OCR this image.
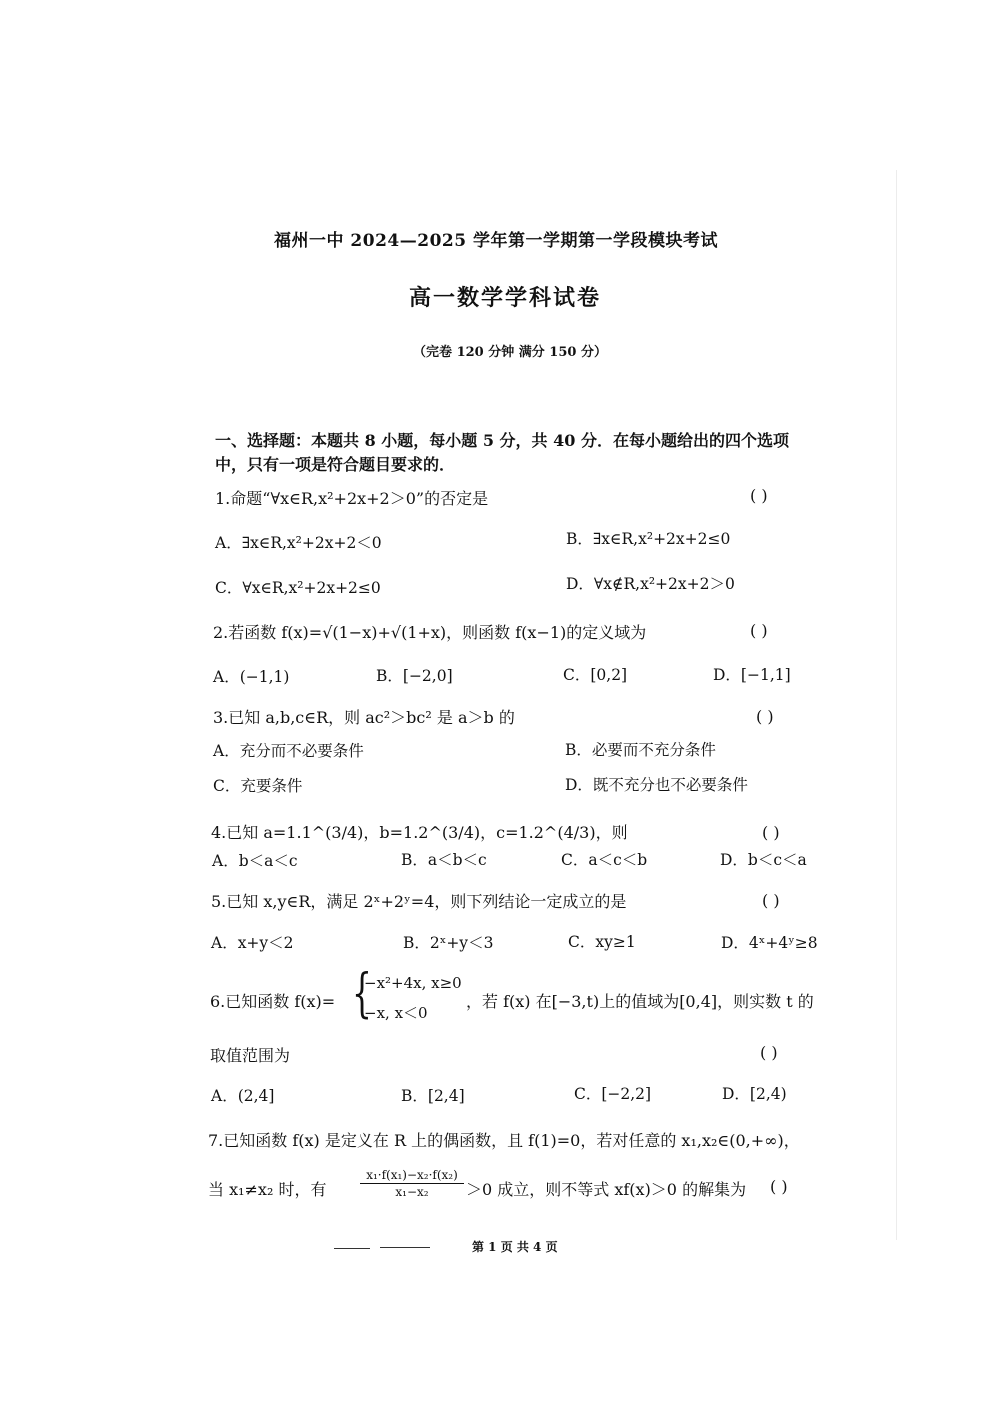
福州一中 2024—2025 学年第一学期第一学段模块考试
高一数学学科试卷
（完卷 120 分钟 满分 150 分）
一、选择题：本题共 8 小题，每小题 5 分，共 40 分．在每小题给出的四个选项
中，只有一项是符合题目要求的．
1.命题“∀x∈R,x²+2x+2＞0”的否定是	( )
A．∃x∈R,x²+2x+2＜0	B．∃x∈R,x²+2x+2≤0
C．∀x∈R,x²+2x+2≤0	D．∀x∉R,x²+2x+2＞0
2.若函数 f(x)=√(1−x)+√(1+x)，则函数 f(x−1)的定义域为	( )
A．(−1,1)	B．[−2,0]	C．[0,2]	D．[−1,1]
3.已知 a,b,c∈R，则 ac²＞bc² 是 a＞b 的	( )
A．充分而不必要条件	B．必要而不充分条件
C．充要条件	D．既不充分也不必要条件
4.已知 a=1.1^(3/4)，b=1.2^(3/4)，c=1.2^(4/3)，则	( )
A．b＜a＜c	B．a＜b＜c	C．a＜c＜b	D．b＜c＜a
5.已知 x,y∈R，满足 2ˣ+2ʸ=4，则下列结论一定成立的是	( )
A．x+y＜2	B．2ˣ+y＜3	C．xy≥1	D．4ˣ+4ʸ≥8
6.已知函数 f(x)= {
−x²+4x, x≥0
−x, x＜0
，若 f(x) 在[−3,t)上的值域为[0,4]，则实数 t 的
取值范围为	( )
A．(2,4]	B．[2,4]	C．[−2,2]	D．[2,4)
7.已知函数 f(x) 是定义在 R 上的偶函数，且 f(1)=0，若对任意的 x₁,x₂∈(0,+∞)，
当 x₁≠x₂ 时，有	$\frac{\text{x₁·f(x₁)−x₂·f(x₂)}}{\text{x₁−x₂}} >0$ 成立，则不等式 xf(x)＞0 的解集为 ( )
第 1 页 共 4 页
